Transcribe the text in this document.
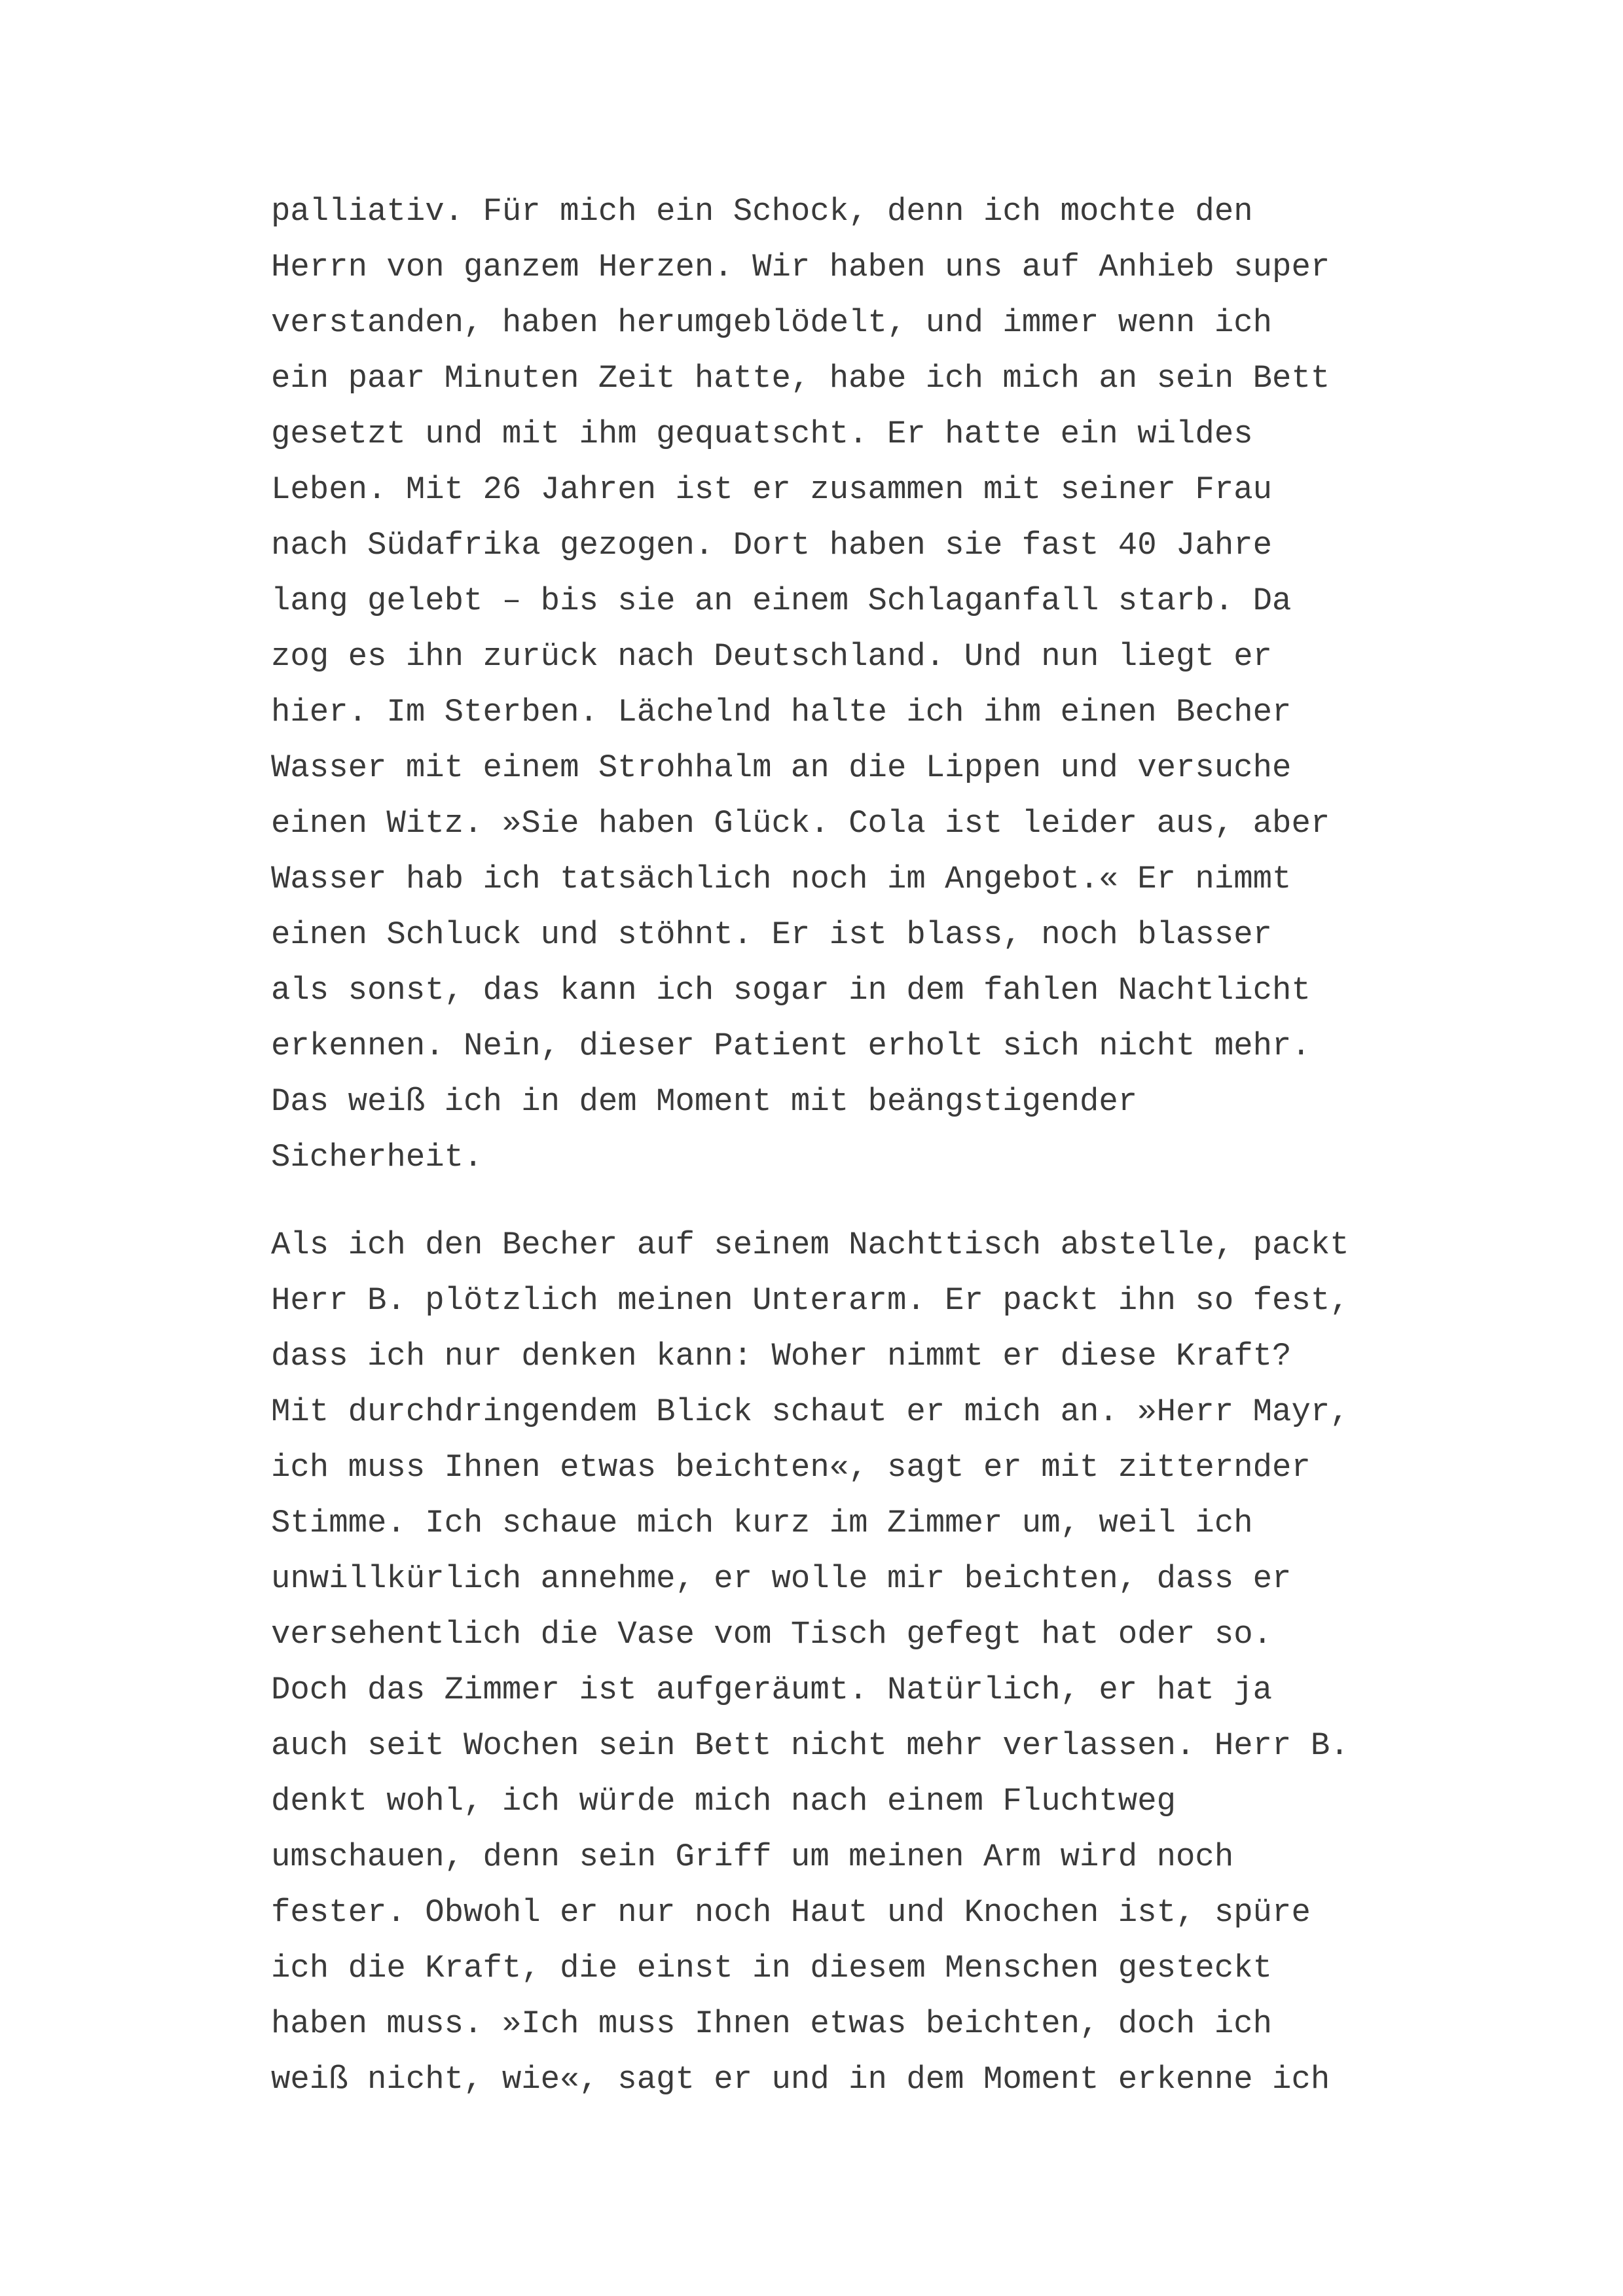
palliativ. Für mich ein Schock, denn ich mochte den
Herrn von ganzem Herzen. Wir haben uns auf Anhieb super
verstanden, haben herumgeblödelt, und immer wenn ich
ein paar Minuten Zeit hatte, habe ich mich an sein Bett
gesetzt und mit ihm gequatscht. Er hatte ein wildes
Leben. Mit 26 Jahren ist er zusammen mit seiner Frau
nach Südafrika gezogen. Dort haben sie fast 40 Jahre
lang gelebt – bis sie an einem Schlaganfall starb. Da
zog es ihn zurück nach Deutschland. Und nun liegt er
hier. Im Sterben. Lächelnd halte ich ihm einen Becher
Wasser mit einem Strohhalm an die Lippen und versuche
einen Witz. »Sie haben Glück. Cola ist leider aus, aber
Wasser hab ich tatsächlich noch im Angebot.« Er nimmt
einen Schluck und stöhnt. Er ist blass, noch blasser
als sonst, das kann ich sogar in dem fahlen Nachtlicht
erkennen. Nein, dieser Patient erholt sich nicht mehr.
Das weiß ich in dem Moment mit beängstigender
Sicherheit.
Als ich den Becher auf seinem Nachttisch abstelle, packt
Herr B. plötzlich meinen Unterarm. Er packt ihn so fest,
dass ich nur denken kann: Woher nimmt er diese Kraft?
Mit durchdringendem Blick schaut er mich an. »Herr Mayr,
ich muss Ihnen etwas beichten«, sagt er mit zitternder
Stimme. Ich schaue mich kurz im Zimmer um, weil ich
unwillkürlich annehme, er wolle mir beichten, dass er
versehentlich die Vase vom Tisch gefegt hat oder so.
Doch das Zimmer ist aufgeräumt. Natürlich, er hat ja
auch seit Wochen sein Bett nicht mehr verlassen. Herr B.
denkt wohl, ich würde mich nach einem Fluchtweg
umschauen, denn sein Griff um meinen Arm wird noch
fester. Obwohl er nur noch Haut und Knochen ist, spüre
ich die Kraft, die einst in diesem Menschen gesteckt
haben muss. »Ich muss Ihnen etwas beichten, doch ich
weiß nicht, wie«, sagt er und in dem Moment erkenne ich
